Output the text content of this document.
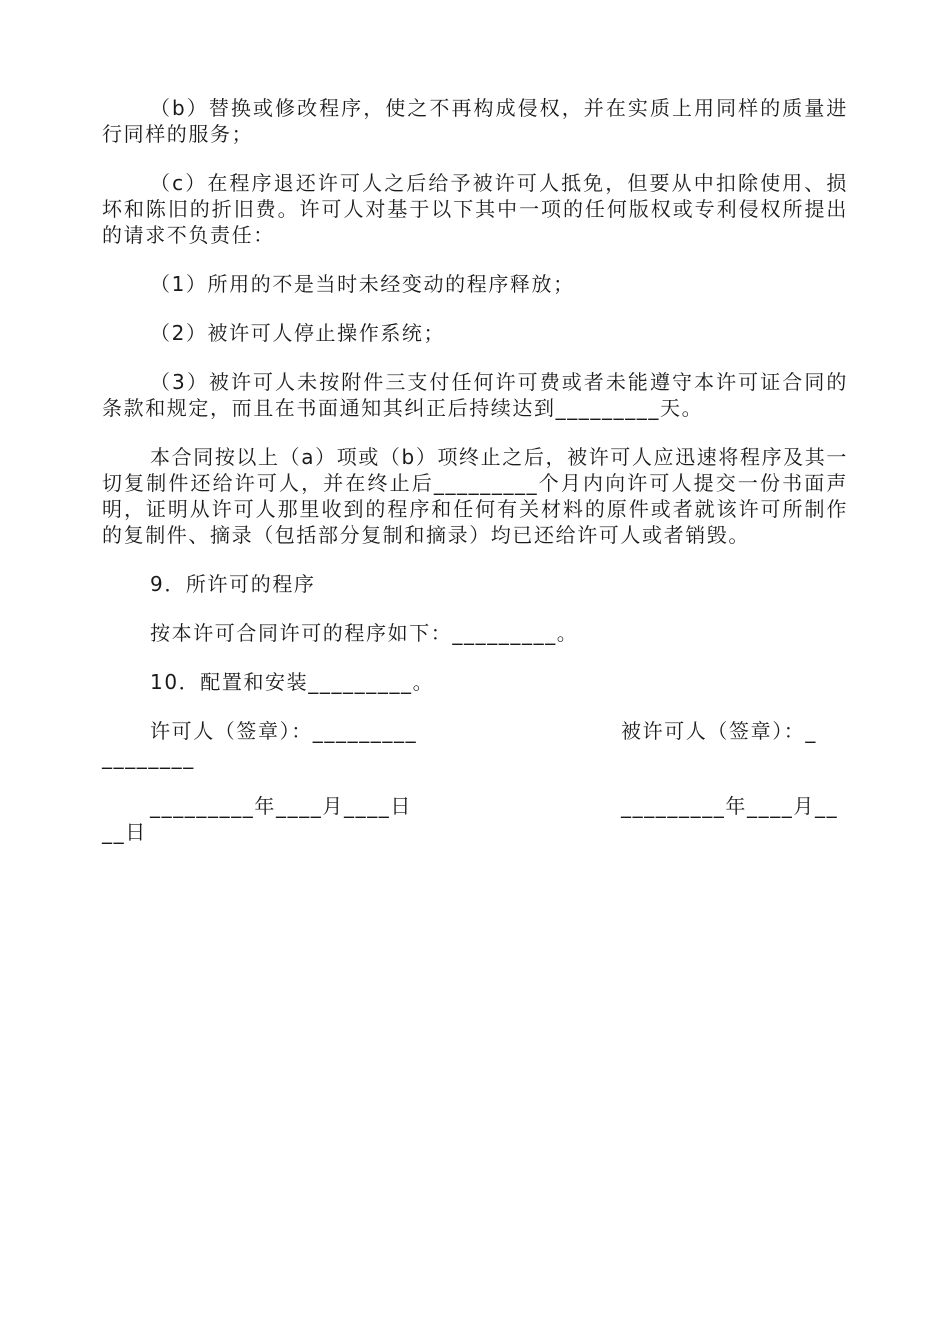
（b）替换或修改程序，使之不再构成侵权，并在实质上用同样的质量进行同样的服务；

（c）在程序退还许可人之后给予被许可人抵免，但要从中扣除使用、损坏和陈旧的折旧费。许可人对基于以下其中一项的任何版权或专利侵权所提出的请求不负责任：

（1）所用的不是当时未经变动的程序释放；

（2）被许可人停止操作系统；

（3）被许可人未按附件三支付任何许可费或者未能遵守本许可证合同的条款和规定，而且在书面通知其纠正后持续达到_________天。

本合同按以上（a）项或（b）项终止之后，被许可人应迅速将程序及其一切复制件还给许可人，并在终止后_________个月内向许可人提交一份书面声明，证明从许可人那里收到的程序和任何有关材料的原件或者就该许可所制作的复制件、摘录（包括部分复制和摘录）均已还给许可人或者销毁。

9．所许可的程序

按本许可合同许可的程序如下：_________。

10．配置和安装_________。

许可人（签章）：_________	被许可人（签章）：_
________
_________年____月____日	_________年____月__
__日
